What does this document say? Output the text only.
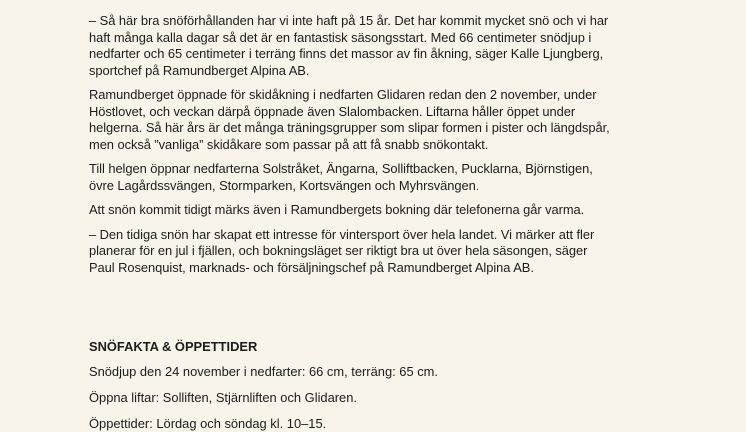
– Så här bra snöförhållanden har vi inte haft på 15 år. Det har kommit mycket snö och vi har
haft många kalla dagar så det är en fantastisk säsongsstart. Med 66 centimeter snödjup i
nedfarter och 65 centimeter i terräng finns det massor av fin åkning, säger Kalle Ljungberg,
sportchef på Ramundberget Alpina AB.

Ramundberget öppnade för skidåkning i nedfarten Glidaren redan den 2 november, under
Höstlovet, och veckan därpå öppnade även Slalombacken. Liftarna håller öppet under
helgerna. Så här års är det många träningsgrupper som slipar formen i pister och längdspår,
men också ”vanliga” skidåkare som passar på att få snabb snökontakt.

Till helgen öppnar nedfarterna Solstråket, Ängarna, Solliftbacken, Pucklarna, Björnstigen,
övre Lagårdssvängen, Stormparken, Kortsvängen och Myhrsvängen.

Att snön kommit tidigt märks även i Ramundbergets bokning där telefonerna går varma.

– Den tidiga snön har skapat ett intresse för vintersport över hela landet. Vi märker att fler
planerar för en jul i fjällen, och bokningsläget ser riktigt bra ut över hela säsongen, säger
Paul Rosenquist, marknads- och försäljningschef på Ramundberget Alpina AB.

SNÖFAKTA & ÖPPETTIDER

Snödjup den 24 november i nedfarter: 66 cm, terräng: 65 cm.

Öppna liftar: Solliften, Stjärnliften och Glidaren.

Öppettider: Lördag och söndag kl. 10–15.
